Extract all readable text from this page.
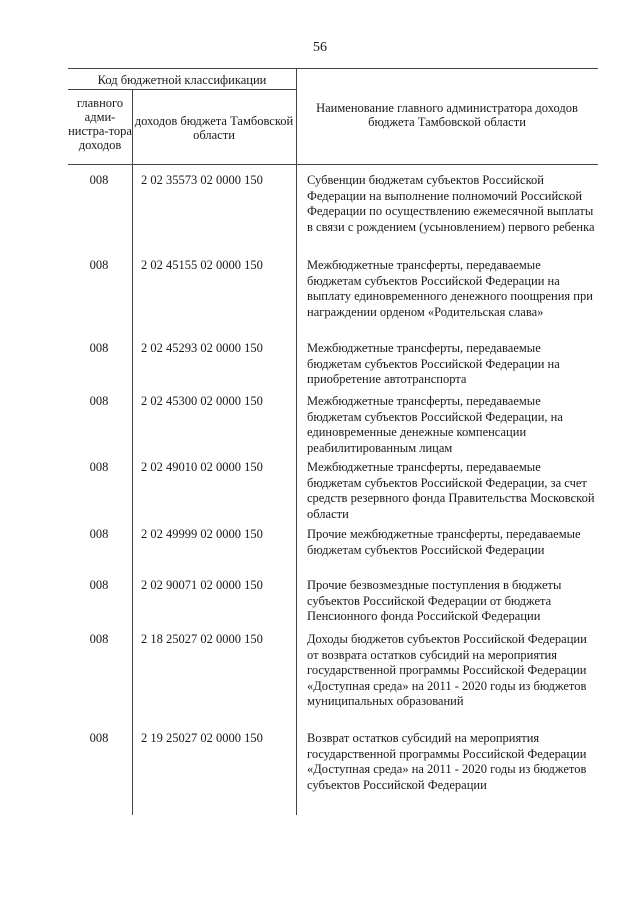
56
Код бюджетной классификации
главного адми-нистра-тора доходов
доходов бюджета Тамбовской области
Наименование главного администратора доходов бюджета Тамбовской области
008	2 02 35573 02 0000 150	Субвенции бюджетам субъектов Российской Федерации на выполнение полномочий Российской Федерации по осуществлению ежемесячной выплаты в связи с рождением (усыновлением) первого ребенка
008	2 02 45155 02 0000 150	Межбюджетные трансферты, передаваемые бюджетам субъектов Российской Федерации на выплату единовременного денежного поощрения при награждении орденом «Родительская слава»
008	2 02 45293 02 0000 150	Межбюджетные трансферты, передаваемые бюджетам субъектов Российской Федерации на приобретение автотранспорта
008	2 02 45300 02 0000 150	Межбюджетные трансферты, передаваемые бюджетам субъектов Российской Федерации, на единовременные денежные компенсации реабилитированным лицам
008	2 02 49010 02 0000 150	Межбюджетные трансферты, передаваемые бюджетам субъектов Российской Федерации, за счет средств резервного фонда Правительства Московской области
008	2 02 49999 02 0000 150	Прочие межбюджетные трансферты, передаваемые бюджетам субъектов Российской Федерации
008	2 02 90071 02 0000 150	Прочие безвозмездные поступления в бюджеты субъектов Российской Федерации от бюджета Пенсионного фонда Российской Федерации
008	2 18 25027 02 0000 150	Доходы бюджетов субъектов Российской Федерации от возврата остатков субсидий на мероприятия государственной программы Российской Федерации «Доступная среда» на 2011 - 2020 годы из бюджетов муниципальных образований
008	2 19 25027 02 0000 150	Возврат остатков субсидий на мероприятия государственной программы Российской Федерации «Доступная среда» на 2011 - 2020 годы из бюджетов субъектов Российской Федерации
